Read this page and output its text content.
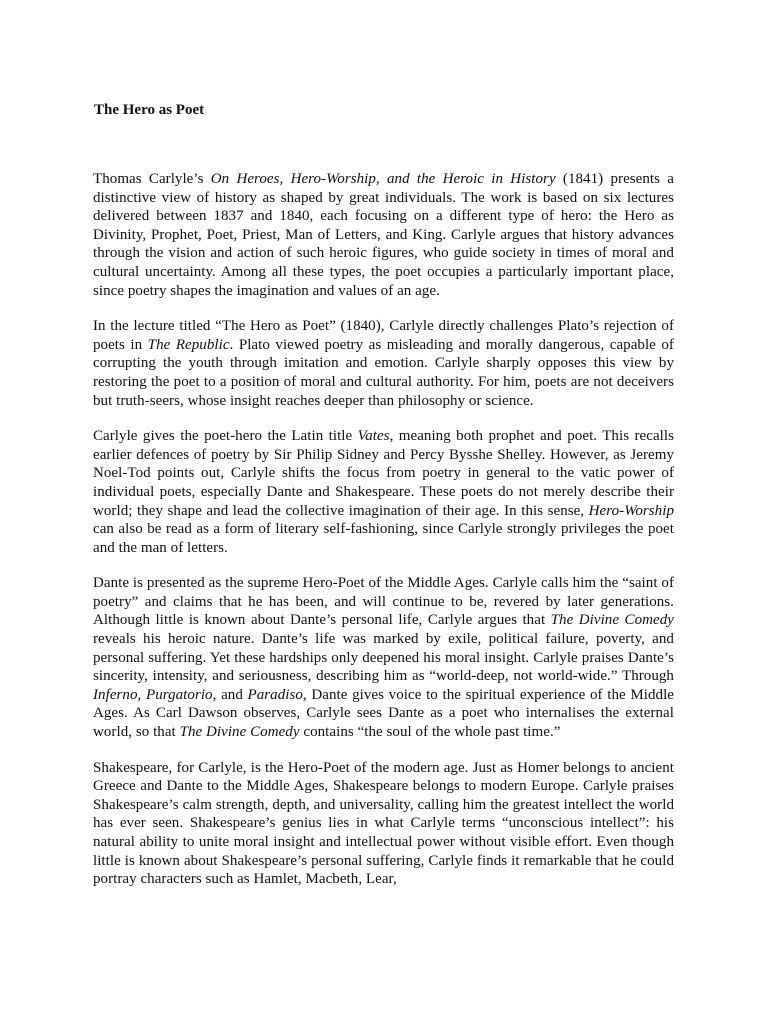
The Hero as Poet

Thomas Carlyle’s On Heroes, Hero-Worship, and the Heroic in History (1841) presents a distinctive view of history as shaped by great individuals. The work is based on six lectures delivered between 1837 and 1840, each focusing on a different type of hero: the Hero as Divinity, Prophet, Poet, Priest, Man of Letters, and King. Carlyle argues that history advances through the vision and action of such heroic figures, who guide society in times of moral and cultural uncertainty. Among all these types, the poet occupies a particularly important place, since poetry shapes the imagination and values of an age.

In the lecture titled “The Hero as Poet” (1840), Carlyle directly challenges Plato’s rejection of poets in The Republic. Plato viewed poetry as misleading and morally dangerous, capable of corrupting the youth through imitation and emotion. Carlyle sharply opposes this view by restoring the poet to a position of moral and cultural authority. For him, poets are not deceivers but truth-seers, whose insight reaches deeper than philosophy or science.

Carlyle gives the poet-hero the Latin title Vates, meaning both prophet and poet. This recalls earlier defences of poetry by Sir Philip Sidney and Percy Bysshe Shelley. However, as Jeremy Noel-Tod points out, Carlyle shifts the focus from poetry in general to the vatic power of individual poets, especially Dante and Shakespeare. These poets do not merely describe their world; they shape and lead the collective imagination of their age. In this sense, Hero-Worship can also be read as a form of literary self-fashioning, since Carlyle strongly privileges the poet and the man of letters.

Dante is presented as the supreme Hero-Poet of the Middle Ages. Carlyle calls him the “saint of poetry” and claims that he has been, and will continue to be, revered by later generations. Although little is known about Dante’s personal life, Carlyle argues that The Divine Comedy reveals his heroic nature. Dante’s life was marked by exile, political failure, poverty, and personal suffering. Yet these hardships only deepened his moral insight. Carlyle praises Dante’s sincerity, intensity, and seriousness, describing him as “world-deep, not world-wide.” Through Inferno, Purgatorio, and Paradiso, Dante gives voice to the spiritual experience of the Middle Ages. As Carl Dawson observes, Carlyle sees Dante as a poet who internalises the external world, so that The Divine Comedy contains “the soul of the whole past time.”

Shakespeare, for Carlyle, is the Hero-Poet of the modern age. Just as Homer belongs to ancient Greece and Dante to the Middle Ages, Shakespeare belongs to modern Europe. Carlyle praises Shakespeare’s calm strength, depth, and universality, calling him the greatest intellect the world has ever seen. Shakespeare’s genius lies in what Carlyle terms “unconscious intellect”: his natural ability to unite moral insight and intellectual power without visible effort. Even though little is known about Shakespeare’s personal suffering, Carlyle finds it remarkable that he could portray characters such as Hamlet, Macbeth, Lear,
